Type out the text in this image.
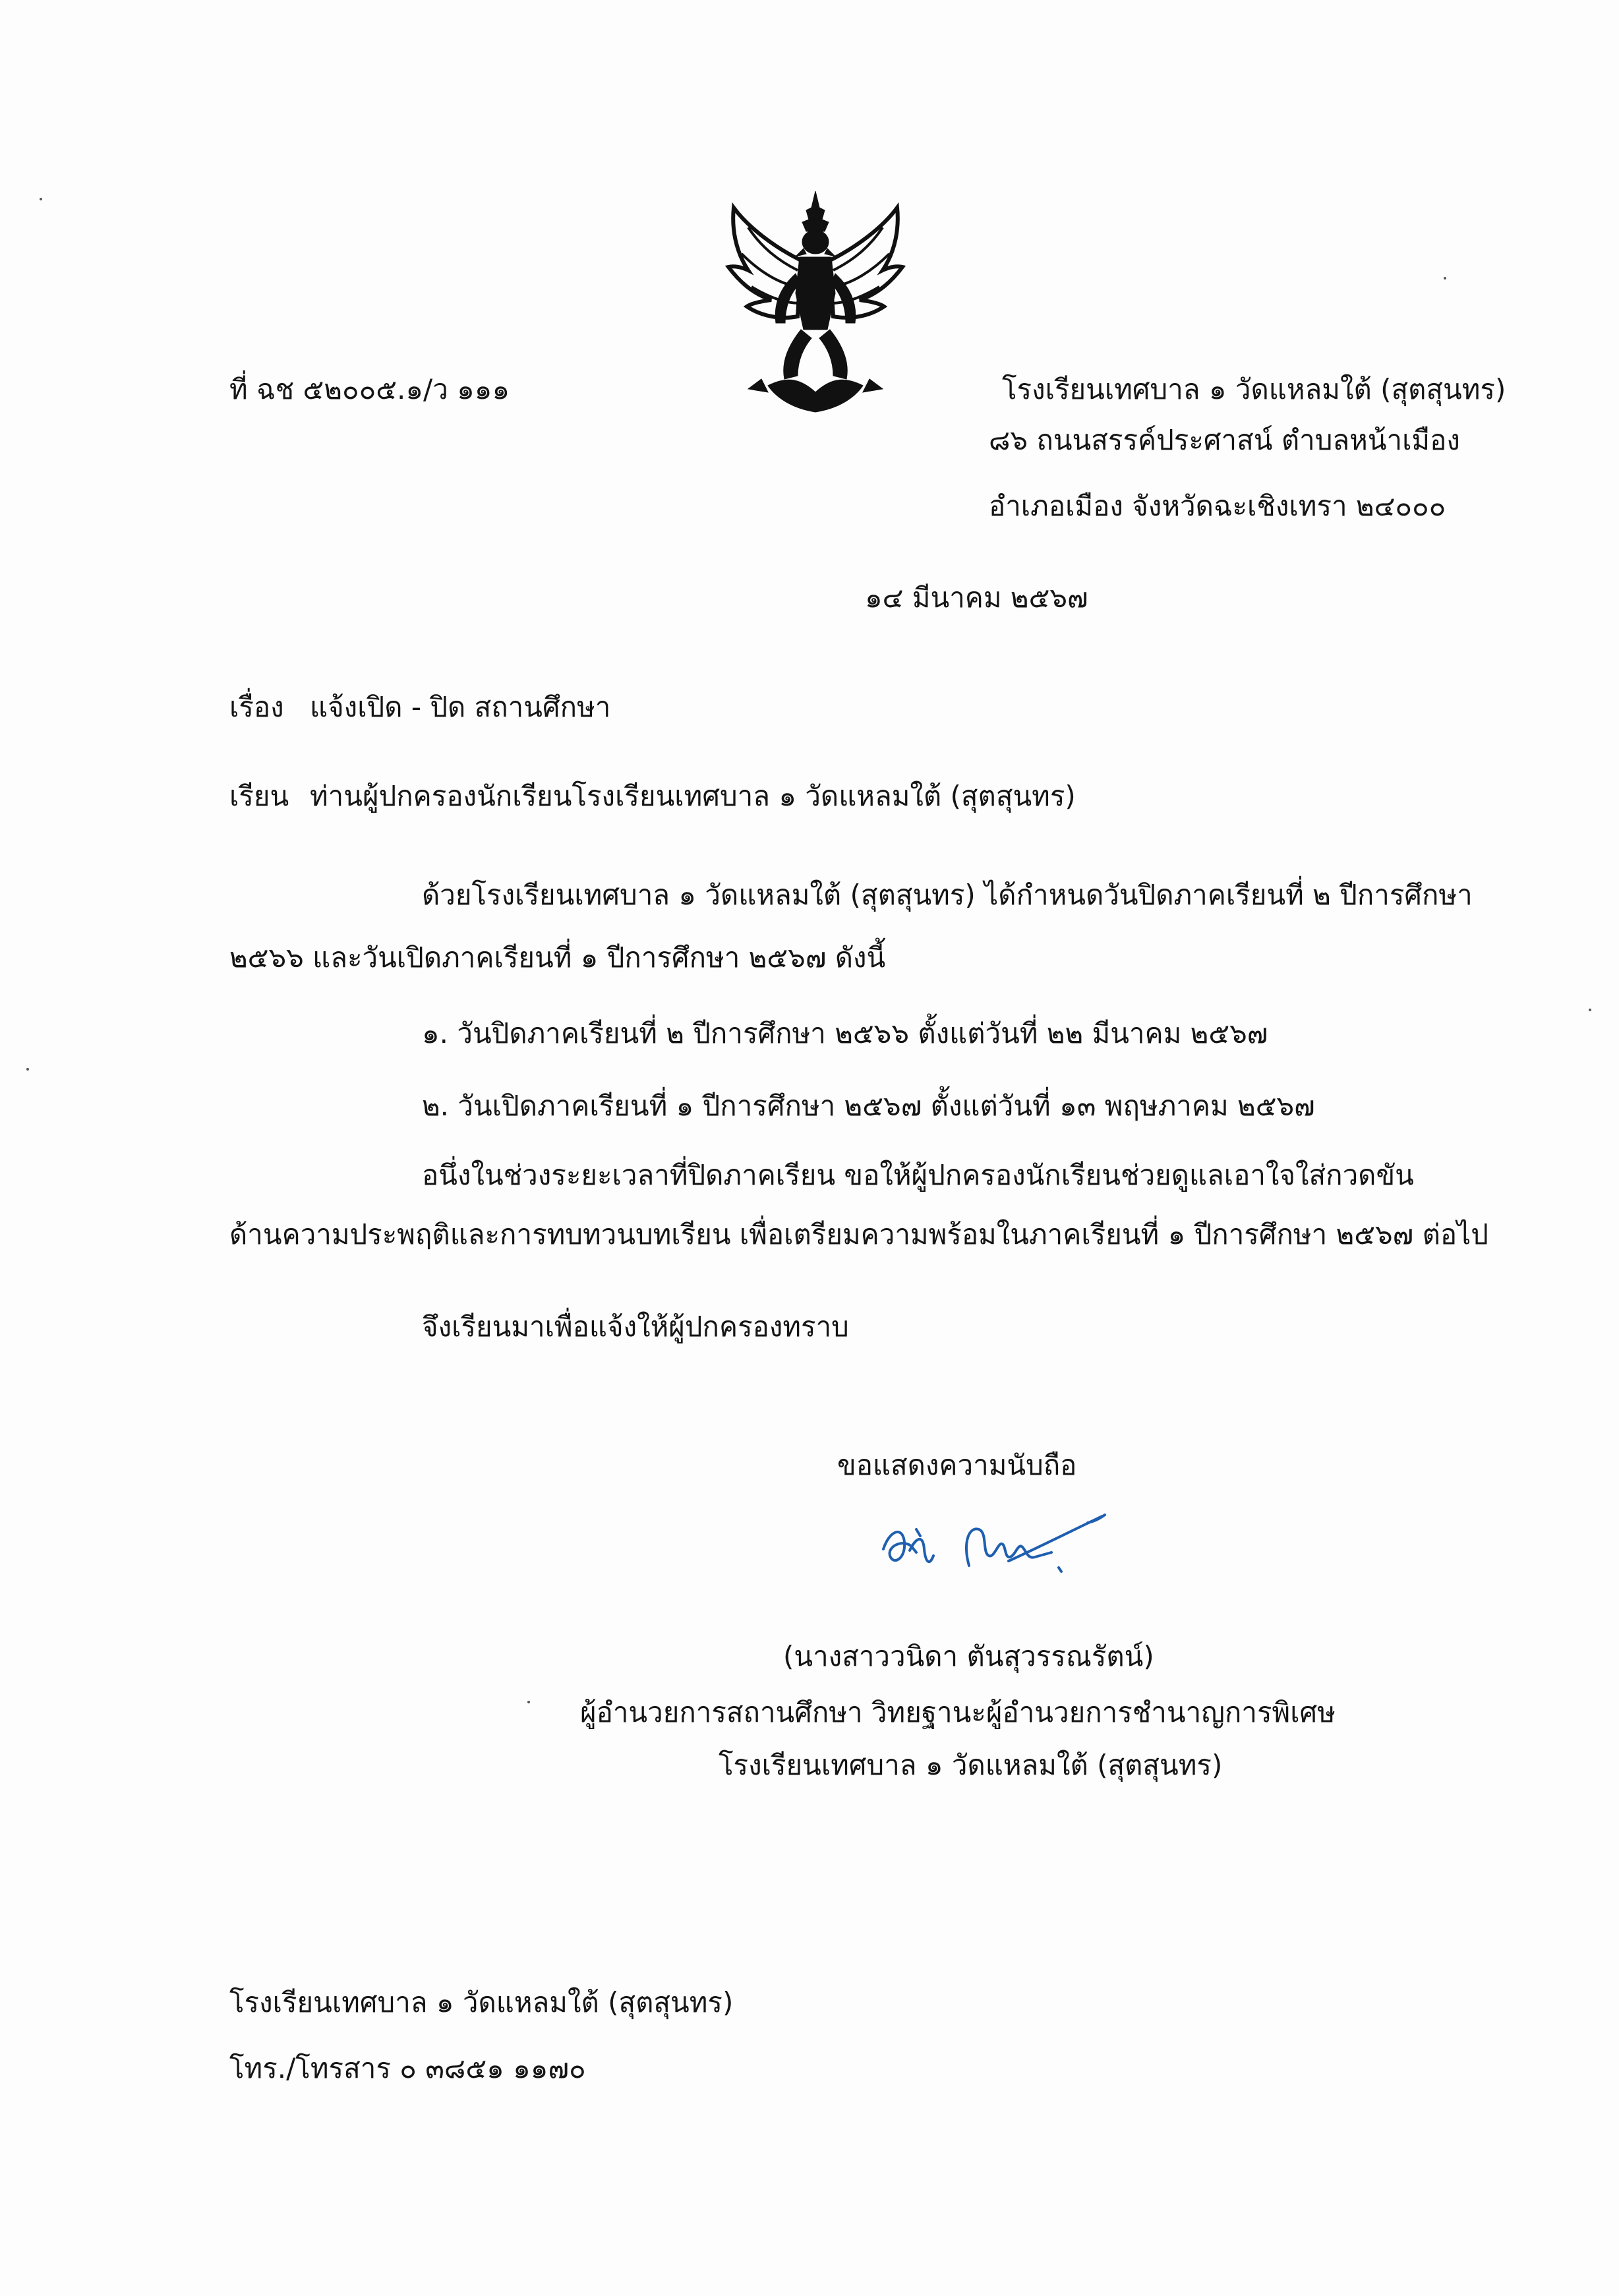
ที่ ฉช ๕๒๐๐๕.๑/ว ๑๑๑	โรงเรียนเทศบาล ๑ วัดแหลมใต้ (สุตสุนทร)
๘๖ ถนนสรรค์ประศาสน์ ตำบลหน้าเมือง
อำเภอเมือง จังหวัดฉะเชิงเทรา ๒๔๐๐๐
๑๔ มีนาคม ๒๕๖๗
เรื่อง แจ้งเปิด - ปิด สถานศึกษา
เรียน ท่านผู้ปกครองนักเรียนโรงเรียนเทศบาล ๑ วัดแหลมใต้ (สุตสุนทร)
ด้วยโรงเรียนเทศบาล ๑ วัดแหลมใต้ (สุตสุนทร) ได้กำหนดวันปิดภาคเรียนที่ ๒ ปีการศึกษา
๒๕๖๖ และวันเปิดภาคเรียนที่ ๑ ปีการศึกษา ๒๕๖๗ ดังนี้
๑. วันปิดภาคเรียนที่ ๒ ปีการศึกษา ๒๕๖๖ ตั้งแต่วันที่ ๒๒ มีนาคม ๒๕๖๗
๒. วันเปิดภาคเรียนที่ ๑ ปีการศึกษา ๒๕๖๗ ตั้งแต่วันที่ ๑๓ พฤษภาคม ๒๕๖๗
อนึ่งในช่วงระยะเวลาที่ปิดภาคเรียน ขอให้ผู้ปกครองนักเรียนช่วยดูแลเอาใจใส่กวดขัน
ด้านความประพฤติและการทบทวนบทเรียน เพื่อเตรียมความพร้อมในภาคเรียนที่ ๑ ปีการศึกษา ๒๕๖๗ ต่อไป
จึงเรียนมาเพื่อแจ้งให้ผู้ปกครองทราบ
ขอแสดงความนับถือ
(นางสาววนิดา ตันสุวรรณรัตน์)
ผู้อำนวยการสถานศึกษา วิทยฐานะผู้อำนวยการชำนาญการพิเศษ
โรงเรียนเทศบาล ๑ วัดแหลมใต้ (สุตสุนทร)
โรงเรียนเทศบาล ๑ วัดแหลมใต้ (สุตสุนทร)
โทร./โทรสาร ๐ ๓๘๕๑ ๑๑๗๐
